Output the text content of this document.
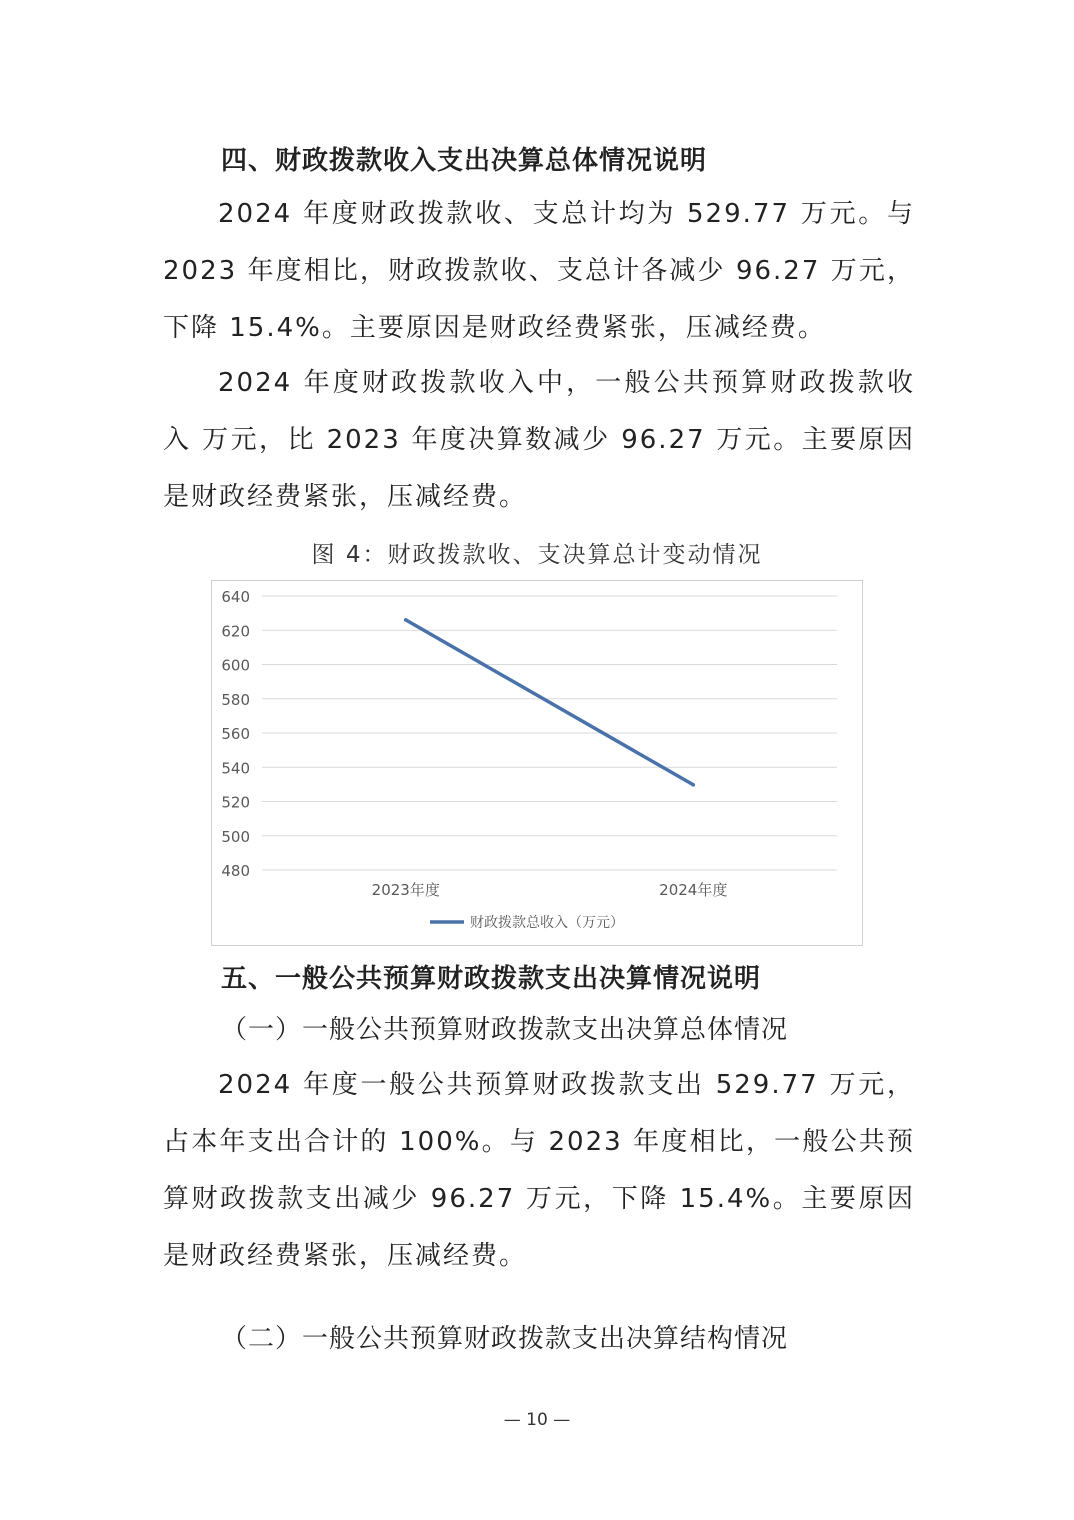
四、财政拨款收入支出决算总体情况说明

2024 年度财政拨款收、支总计均为 529.77 万元。与 2023 年度相比，财政拨款收、支总计各减少 96.27 万元，下降 15.4%。主要原因是财政经费紧张，压减经费。

2024 年度财政拨款收入中，一般公共预算财政拨款收入 万元，比 2023 年度决算数减少 96.27 万元。主要原因是财政经费紧张，压减经费。

图 4：财政拨款收、支决算总计变动情况
480
500
520
540
560
580
600
620
640
2023年度	2024年度
财政拨款总收入（万元）
五、一般公共预算财政拨款支出决算情况说明
（一）一般公共预算财政拨款支出决算总体情况

2024 年度一般公共预算财政拨款支出 529.77 万元，占本年支出合计的 100%。与 2023 年度相比，一般公共预算财政拨款支出减少 96.27 万元，下降 15.4%。主要原因是财政经费紧张，压减经费。

（二）一般公共预算财政拨款支出决算结构情况
— 10 —
